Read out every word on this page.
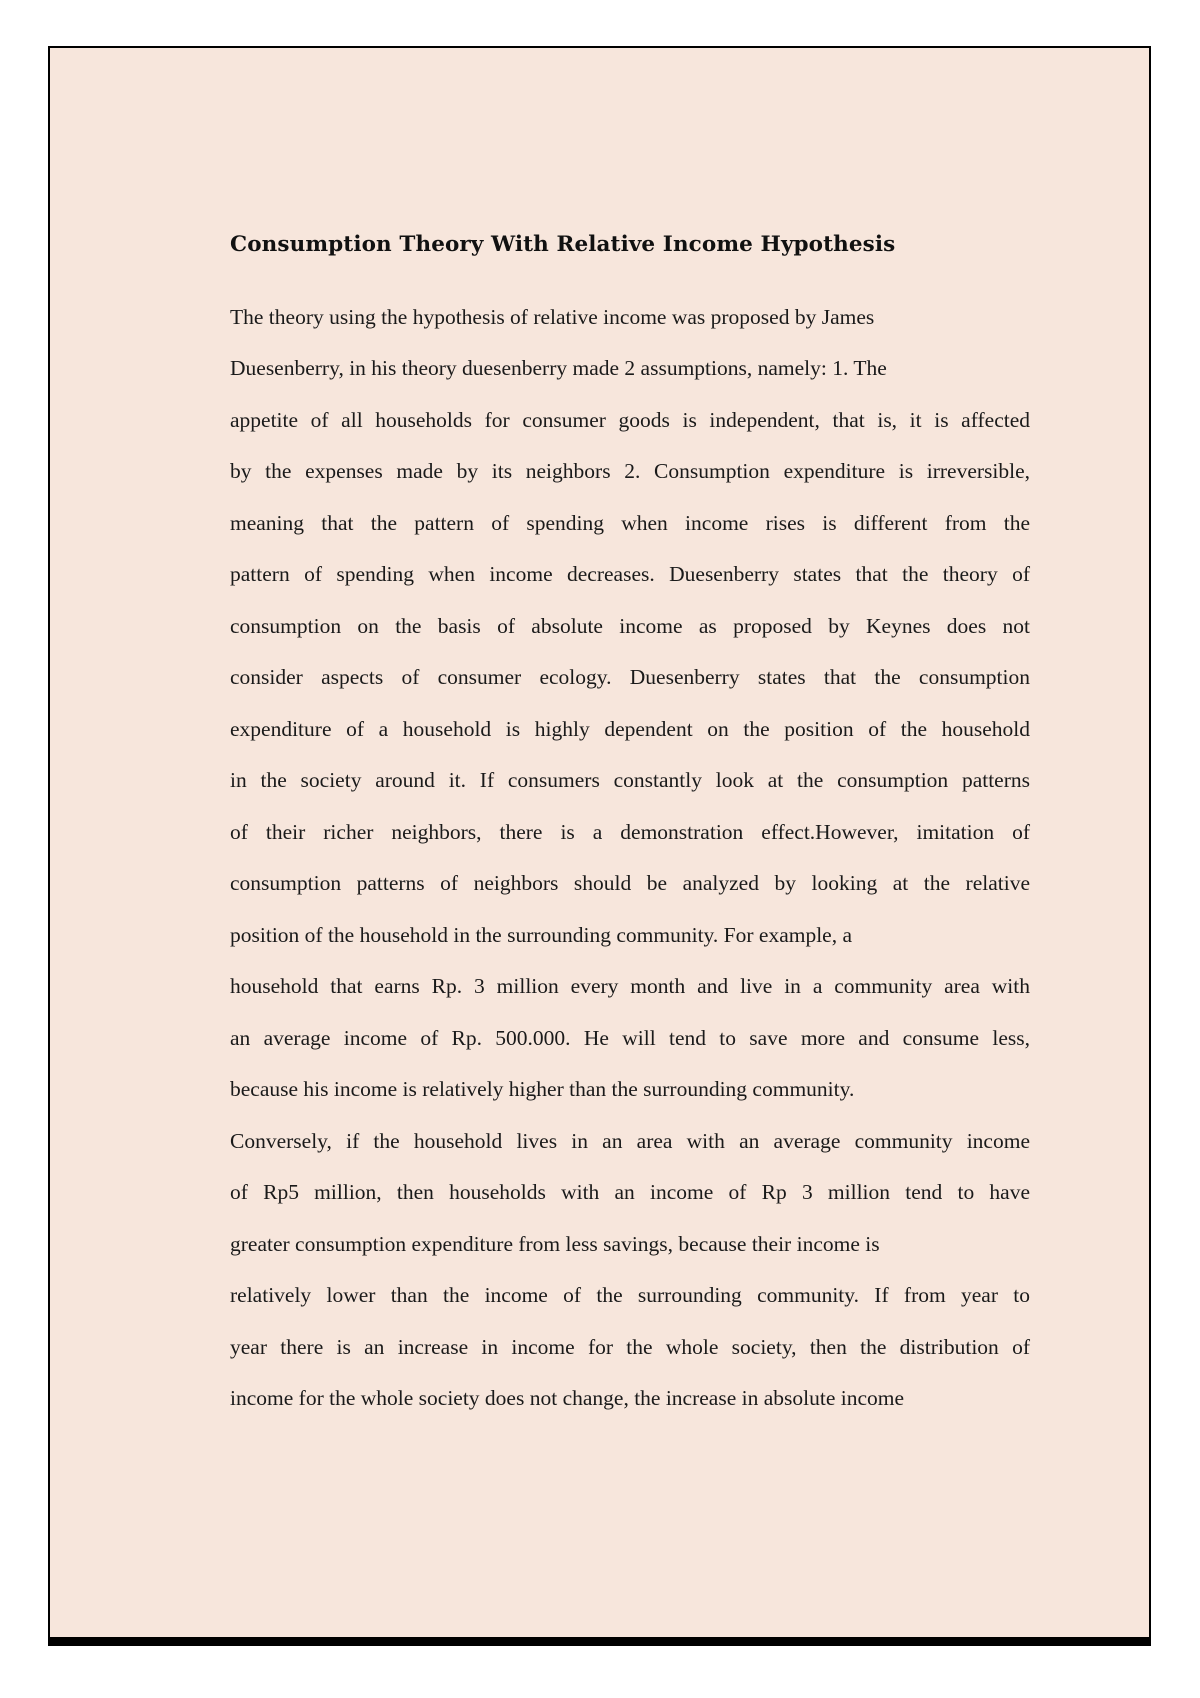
Consumption Theory With Relative Income Hypothesis
The theory using the hypothesis of relative income was proposed by James
Duesenberry, in his theory duesenberry made 2 assumptions, namely: 1. The
appetite of all households for consumer goods is independent, that is, it is affected
by the expenses made by its neighbors 2. Consumption expenditure is irreversible,
meaning that the pattern of spending when income rises is different from the
pattern of spending when income decreases. Duesenberry states that the theory of
consumption on the basis of absolute income as proposed by Keynes does not
consider aspects of consumer ecology. Duesenberry states that the consumption
expenditure of a household is highly dependent on the position of the household
in the society around it. If consumers constantly look at the consumption patterns
of their richer neighbors, there is a demonstration effect.However, imitation of
consumption patterns of neighbors should be analyzed by looking at the relative
position of the household in the surrounding community. For example, a
household that earns Rp. 3 million every month and live in a community area with
an average income of Rp. 500.000. He will tend to save more and consume less,
because his income is relatively higher than the surrounding community.
Conversely, if the household lives in an area with an average community income
of Rp5 million, then households with an income of Rp 3 million tend to have
greater consumption expenditure from less savings, because their income is
relatively lower than the income of the surrounding community. If from year to
year there is an increase in income for the whole society, then the distribution of
income for the whole society does not change, the increase in absolute income
